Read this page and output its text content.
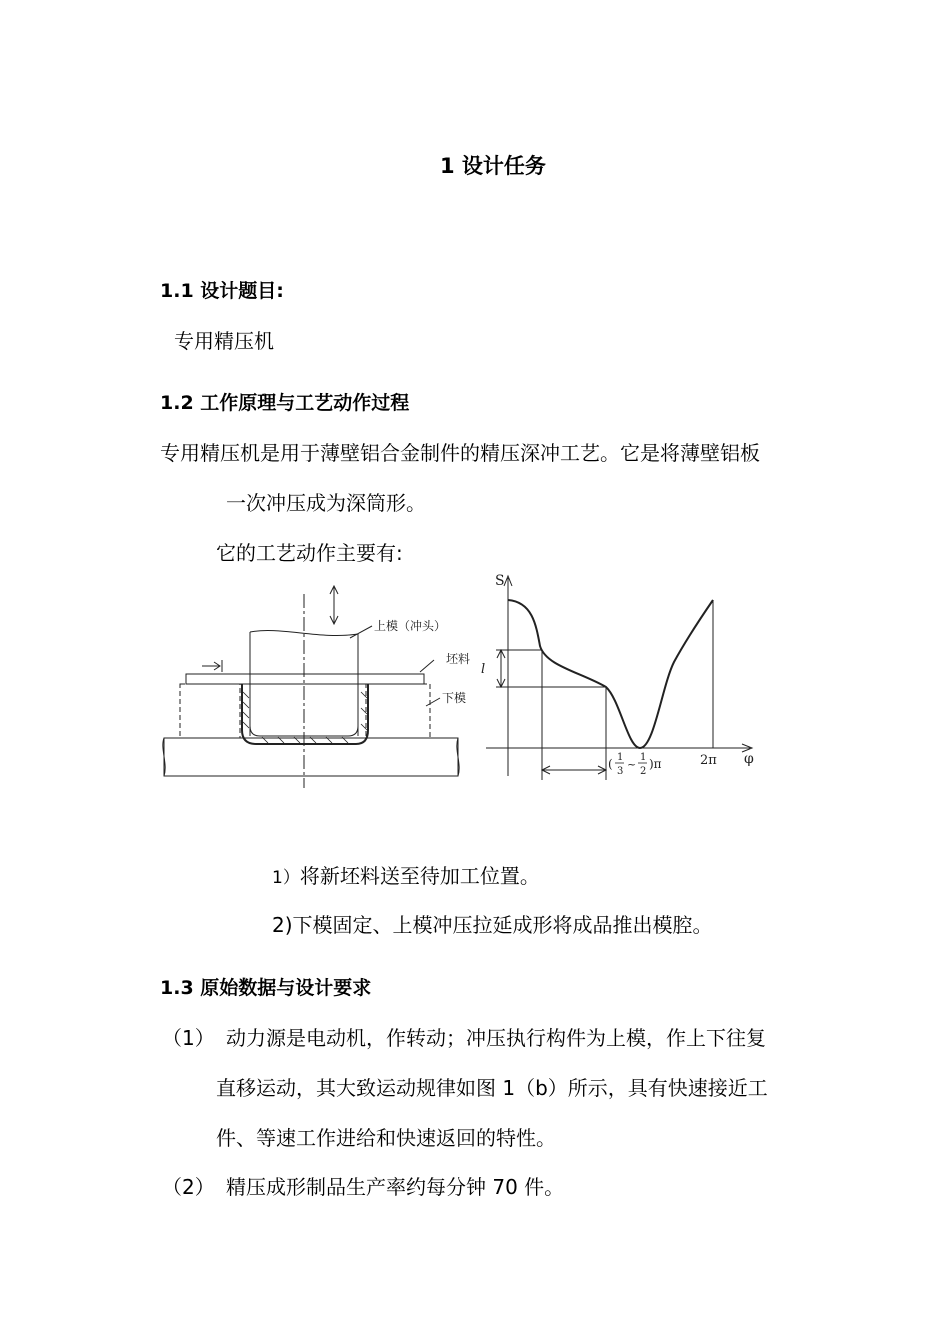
1 设计任务
1.1 设计题目:
专用精压机
1.2 工作原理与工艺动作过程
专用精压机是用于薄壁铝合金制件的精压深冲工艺。它是将薄壁铝板
一次冲压成为深筒形。
它的工艺动作主要有:
上模（冲头）
坯料
下模
S
l
φ
2π
( 1
3
~
1
2
)π
1）将新坯料送至待加工位置。
2)下模固定、上模冲压拉延成形将成品推出模腔。
1.3 原始数据与设计要求
（1） 动力源是电动机，作转动；冲压执行构件为上模，作上下往复
直移运动，其大致运动规律如图 1（b）所示，具有快速接近工
件、等速工作进给和快速返回的特性。
（2） 精压成形制品生产率约每分钟 70 件。
